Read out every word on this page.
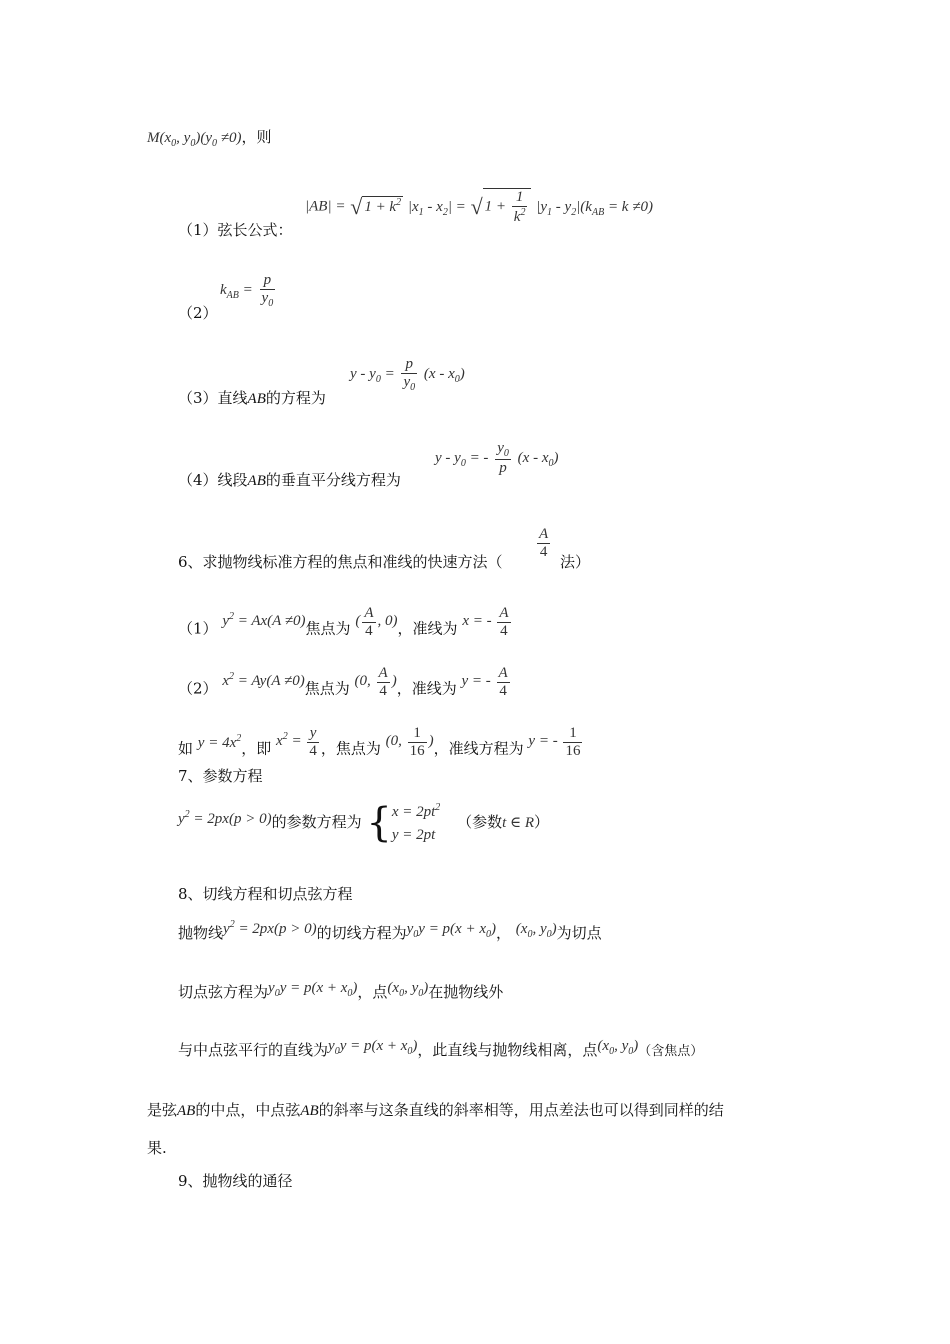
$M(x_0$, $y_0)(y_0 \ne 0)$，则
（1）弦长公式：
|AB| = √ $1 + k^2$ $|x_1 - x_2|$ = √ $1 + \frac{1}{k^2} |y_1 - y_2|(k_{AB} = k \ne 0)$
（2）
$k_{AB} = \frac{p}{y_0}$
（3）直线AB的方程为
$y - y_0 = \frac{p}{y_0} (x - x_0)$
（4）线段AB的垂直平分线方程为
y - $y_0$ = - $\frac{y_0}{p} (x - x_0)$
6、求抛物线标准方程的焦点和准线的快速方法（
$\frac{A}{4}$
法）
（1） $y^2 = Ax(A \ne 0)$焦点为 ( $\frac{A}{4}$ , 0)，准线为 x = - $\frac{A}{4}$
（2） $x^2 = Ay(A \ne 0)$焦点为 (0, $\frac{A}{4}$ )，准线为 y = - $\frac{A}{4}$
如 $y = 4x^2$，即 $x^2 = \frac{y}{4}$ ，焦点为 (0, $\frac{1}{16}$ )，准线方程为 y = - $\frac{1}{16}$
7、参数方程
$y^2 = 2px(p > 0)$的参数方程为 { $x = 2pt^2$
y = 2pt
（参数t ∈ R）
8、切线方程和切点弦方程
抛物线$y^2 = 2px(p > 0)$的切线方程为$y_0y = p(x + x_0)$， ($x_0$, $y_0$)为切点
切点弦方程为$y_0y = p(x + x_0)$，点($x_0$, $y_0$)在抛物线外
与中点弦平行的直线为$y_0y = p(x + x_0)$，此直线与抛物线相离，点($x_0$, $y_0$)（含焦点）
是弦AB的中点，中点弦AB的斜率与这条直线的斜率相等，用点差法也可以得到同样的结
果.
9、抛物线的通径
